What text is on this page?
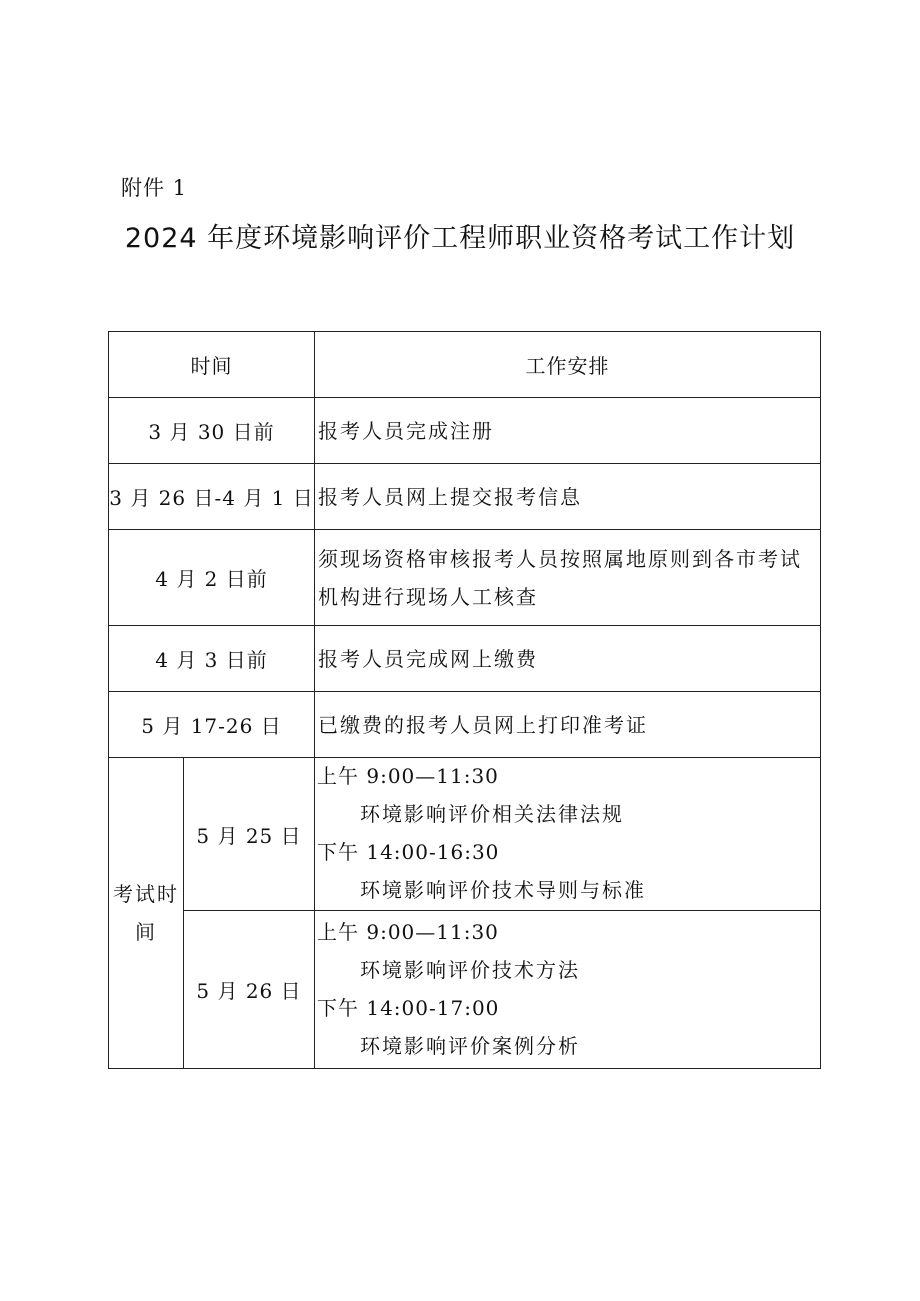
附件 1
2024 年度环境影响评价工程师职业资格考试工作计划
时间		工作安排
3 月 30 日前		报考人员完成注册
3 月 26 日-4 月 1 日		报考人员网上提交报考信息
4 月 2 日前		须现场资格审核报考人员按照属地原则到各市考试机构进行现场人工核查
4 月 3 日前		报考人员完成网上缴费
5 月 17-26 日		已缴费的报考人员网上打印准考证
考试时间	5 月 25 日	上午 9:00—11:30
环境影响评价相关法律法规
下午 14:00-16:30
环境影响评价技术导则与标准

	5 月 26 日	上午 9:00—11:30
环境影响评价技术方法
下午 14:00-17:00
环境影响评价案例分析
